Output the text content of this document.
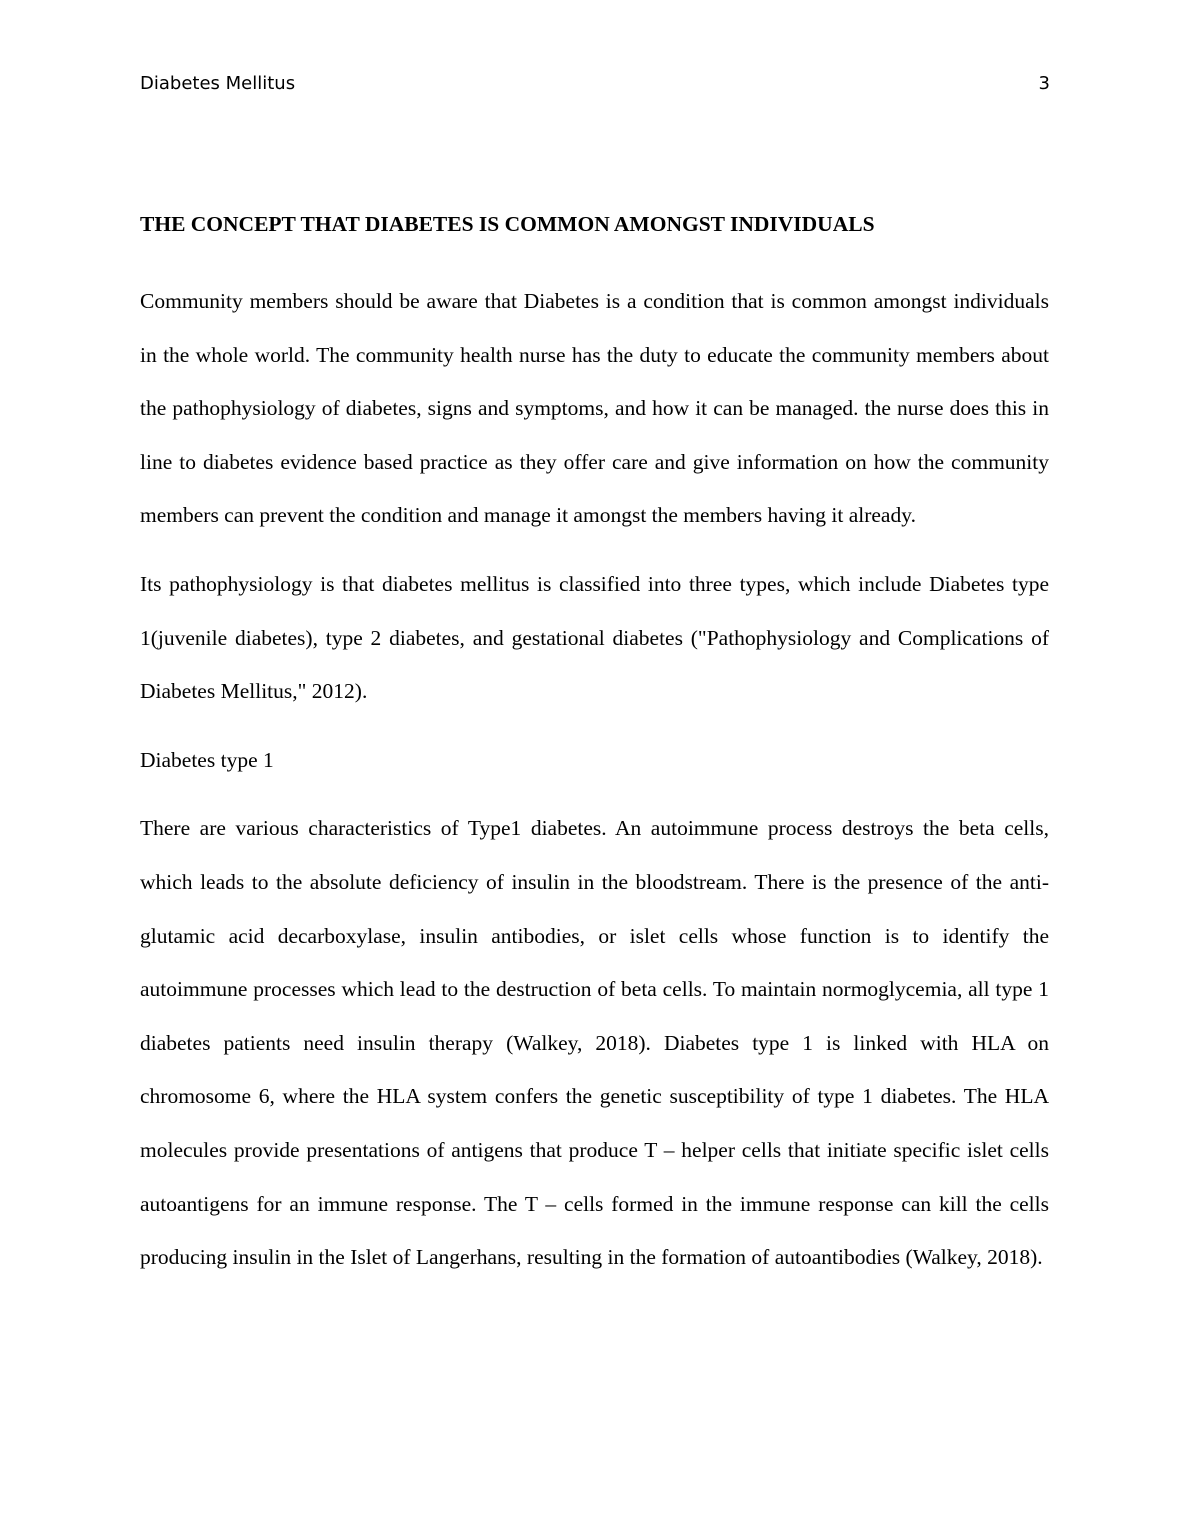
Diabetes Mellitus	3
THE CONCEPT THAT DIABETES IS COMMON AMONGST INDIVIDUALS

Community members should be aware that Diabetes is a condition that is common amongst individuals in the whole world. The community health nurse has the duty to educate the community members about the pathophysiology of diabetes, signs and symptoms, and how it can be managed. the nurse does this in line to diabetes evidence based practice as they offer care and give information on how the community members can prevent the condition and manage it amongst the members having it already.

Its pathophysiology is that diabetes mellitus is classified into three types, which include Diabetes type 1(juvenile diabetes), type 2 diabetes, and gestational diabetes ("Pathophysiology and Complications of Diabetes Mellitus," 2012).

Diabetes type 1

There are various characteristics of Type1 diabetes. An autoimmune process destroys the beta cells, which leads to the absolute deficiency of insulin in the bloodstream. There is the presence of the anti-glutamic acid decarboxylase, insulin antibodies, or islet cells whose function is to identify the autoimmune processes which lead to the destruction of beta cells. To maintain normoglycemia, all type 1 diabetes patients need insulin therapy (Walkey, 2018). Diabetes type 1 is linked with HLA on chromosome 6, where the HLA system confers the genetic susceptibility of type 1 diabetes. The HLA molecules provide presentations of antigens that produce T – helper cells that initiate specific islet cells autoantigens for an immune response. The T – cells formed in the immune response can kill the cells producing insulin in the Islet of Langerhans, resulting in the formation of autoantibodies (Walkey, 2018).
